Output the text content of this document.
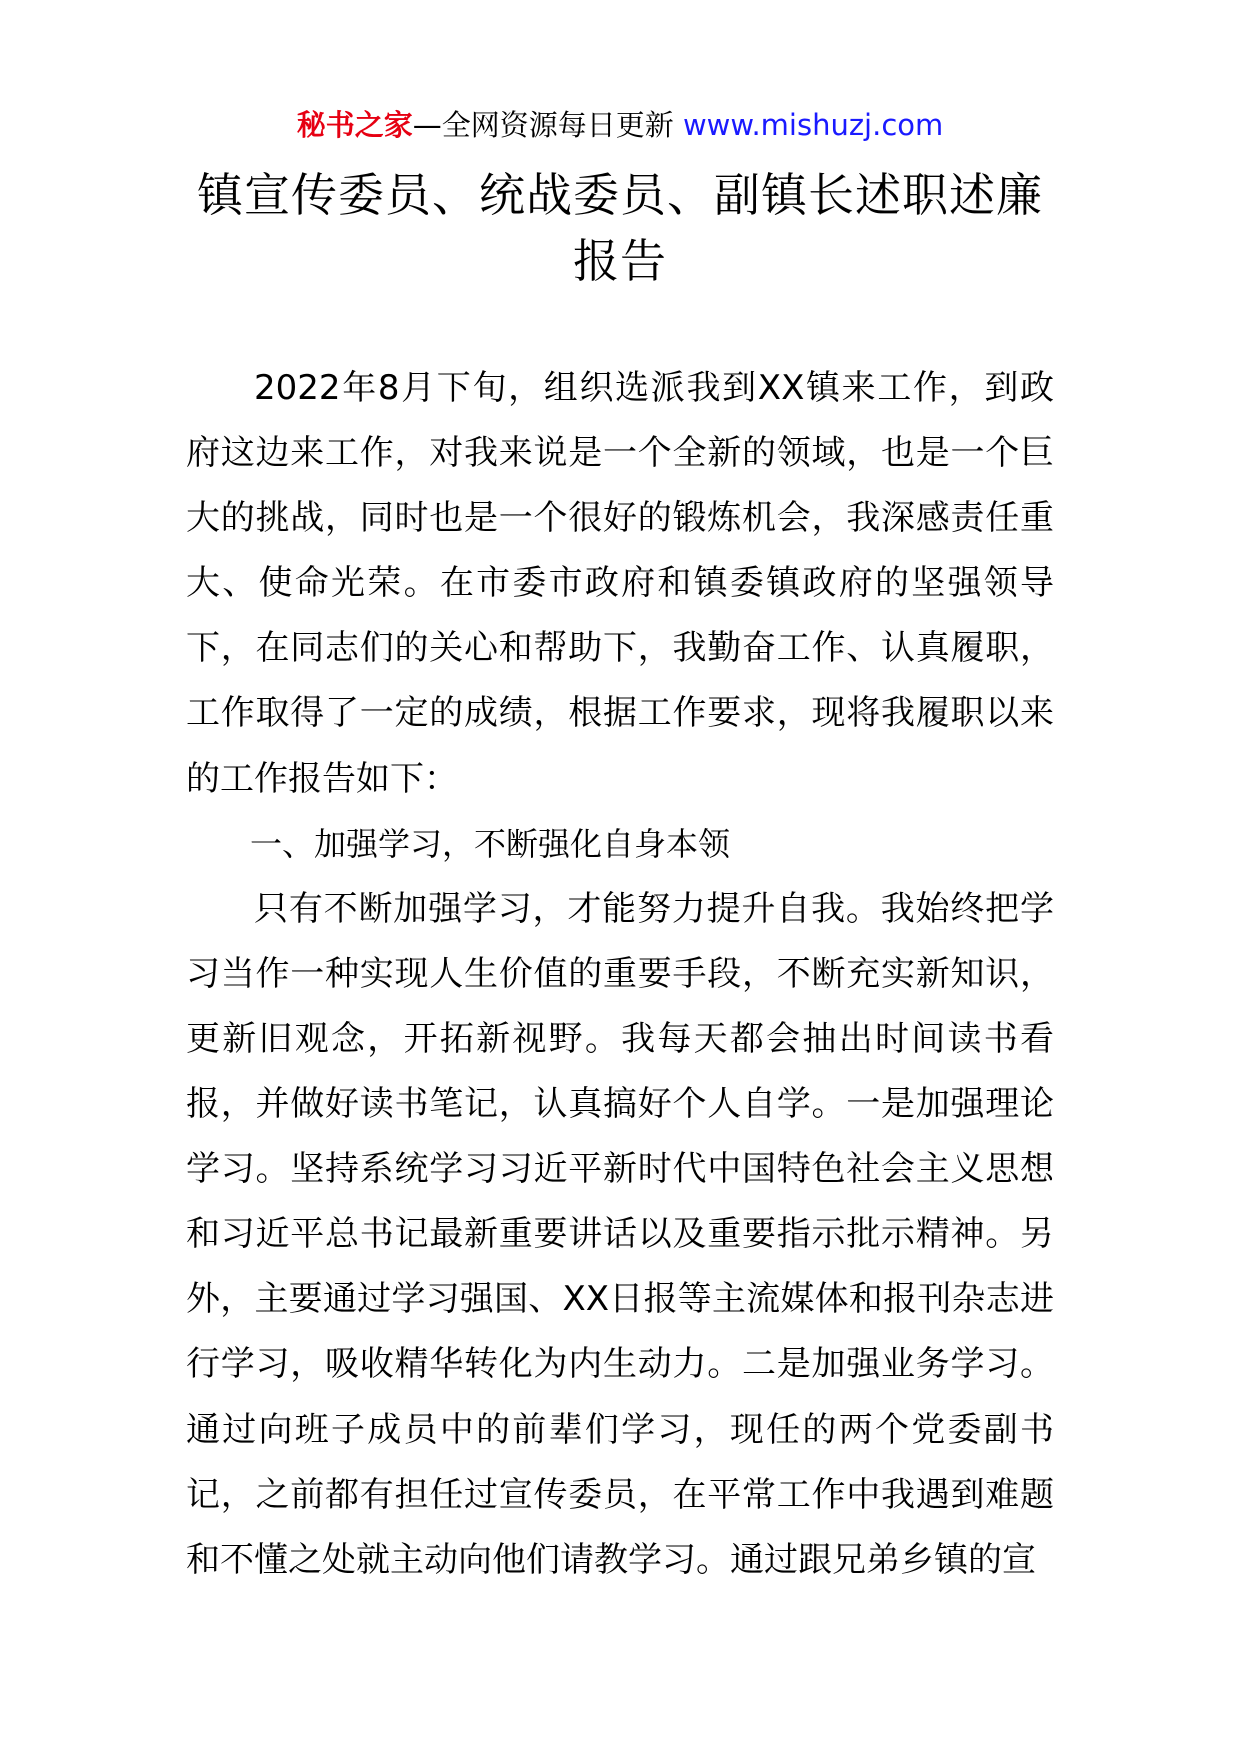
秘书之家—全网资源每日更新 www.mishuzj.com
镇宣传委员、统战委员、副镇长述职述廉
报告

2022年8月下旬，组织选派我到XX镇来工作，到政府这边来工作，对我来说是一个全新的领域，也是一个巨大的挑战，同时也是一个很好的锻炼机会，我深感责任重大、使命光荣。在市委市政府和镇委镇政府的坚强领导下，在同志们的关心和帮助下，我勤奋工作、认真履职，工作取得了一定的成绩，根据工作要求，现将我履职以来的工作报告如下：

一、加强学习，不断强化自身本领

只有不断加强学习，才能努力提升自我。我始终把学习当作一种实现人生价值的重要手段，不断充实新知识，更新旧观念，开拓新视野。我每天都会抽出时间读书看报，并做好读书笔记，认真搞好个人自学。一是加强理论学习。坚持系统学习习近平新时代中国特色社会主义思想和习近平总书记最新重要讲话以及重要指示批示精神。另外，主要通过学习强国、XX日报等主流媒体和报刊杂志进行学习，吸收精华转化为内生动力。二是加强业务学习。通过向班子成员中的前辈们学习，现任的两个党委副书记，之前都有担任过宣传委员，在平常工作中我遇到难题和不懂之处就主动向他们请教学习。通过跟兄弟乡镇的宣
